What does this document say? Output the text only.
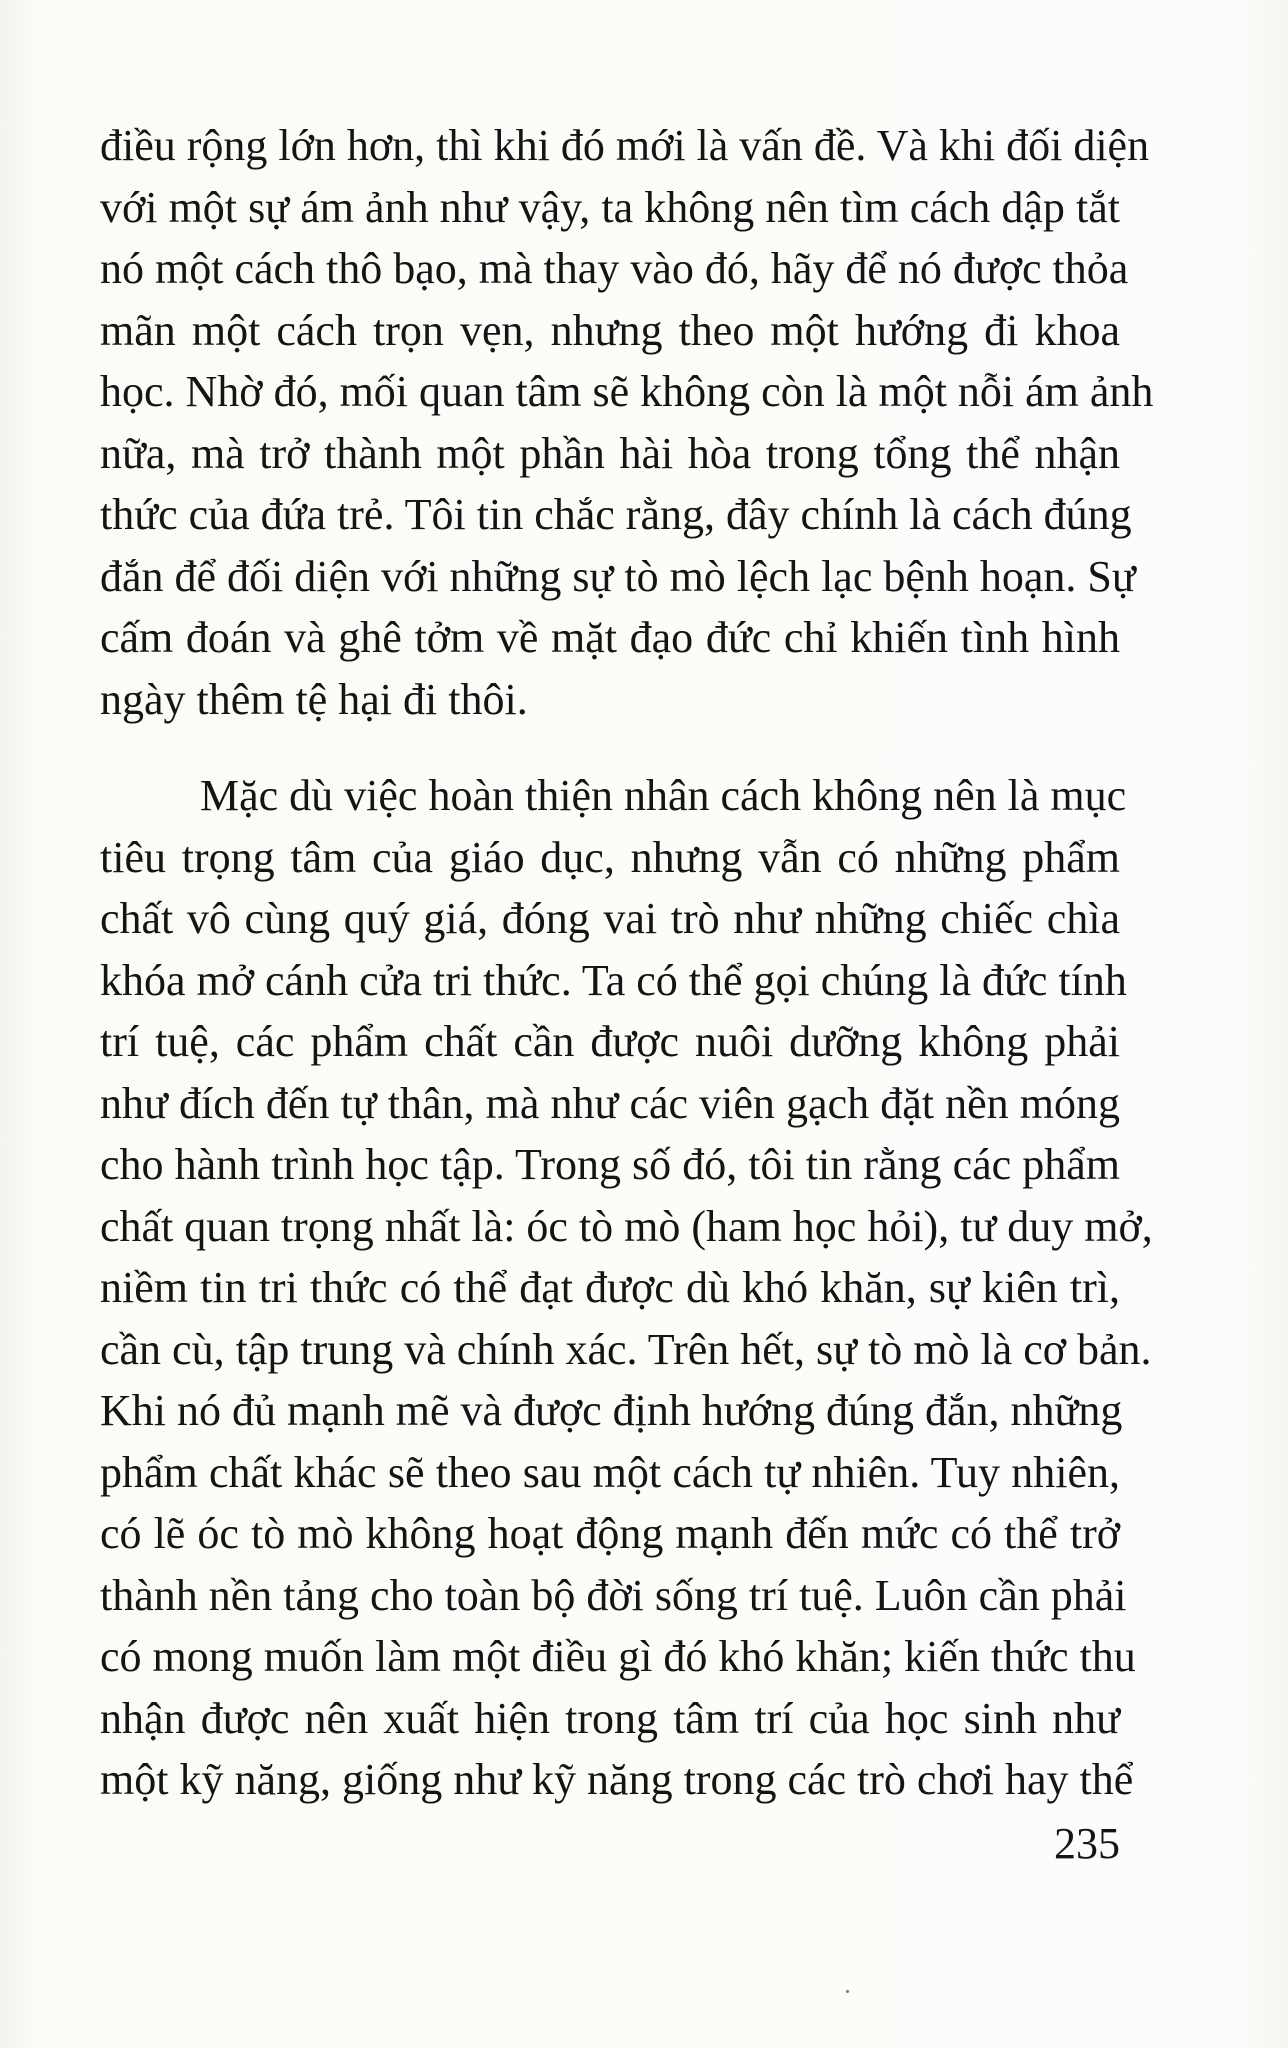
điều rộng lớn hơn, thì khi đó mới là vấn đề. Và khi đối diện
với một sự ám ảnh như vậy, ta không nên tìm cách dập tắt
nó một cách thô bạo, mà thay vào đó, hãy để nó được thỏa
mãn một cách trọn vẹn, nhưng theo một hướng đi khoa
học. Nhờ đó, mối quan tâm sẽ không còn là một nỗi ám ảnh
nữa, mà trở thành một phần hài hòa trong tổng thể nhận
thức của đứa trẻ. Tôi tin chắc rằng, đây chính là cách đúng
đắn để đối diện với những sự tò mò lệch lạc bệnh hoạn. Sự
cấm đoán và ghê tởm về mặt đạo đức chỉ khiến tình hình
ngày thêm tệ hại đi thôi.
Mặc dù việc hoàn thiện nhân cách không nên là mục
tiêu trọng tâm của giáo dục, nhưng vẫn có những phẩm
chất vô cùng quý giá, đóng vai trò như những chiếc chìa
khóa mở cánh cửa tri thức. Ta có thể gọi chúng là đức tính
trí tuệ, các phẩm chất cần được nuôi dưỡng không phải
như đích đến tự thân, mà như các viên gạch đặt nền móng
cho hành trình học tập. Trong số đó, tôi tin rằng các phẩm
chất quan trọng nhất là: óc tò mò (ham học hỏi), tư duy mở,
niềm tin tri thức có thể đạt được dù khó khăn, sự kiên trì,
cần cù, tập trung và chính xác. Trên hết, sự tò mò là cơ bản.
Khi nó đủ mạnh mẽ và được định hướng đúng đắn, những
phẩm chất khác sẽ theo sau một cách tự nhiên. Tuy nhiên,
có lẽ óc tò mò không hoạt động mạnh đến mức có thể trở
thành nền tảng cho toàn bộ đời sống trí tuệ. Luôn cần phải
có mong muốn làm một điều gì đó khó khăn; kiến thức thu
nhận được nên xuất hiện trong tâm trí của học sinh như
một kỹ năng, giống như kỹ năng trong các trò chơi hay thể
235
